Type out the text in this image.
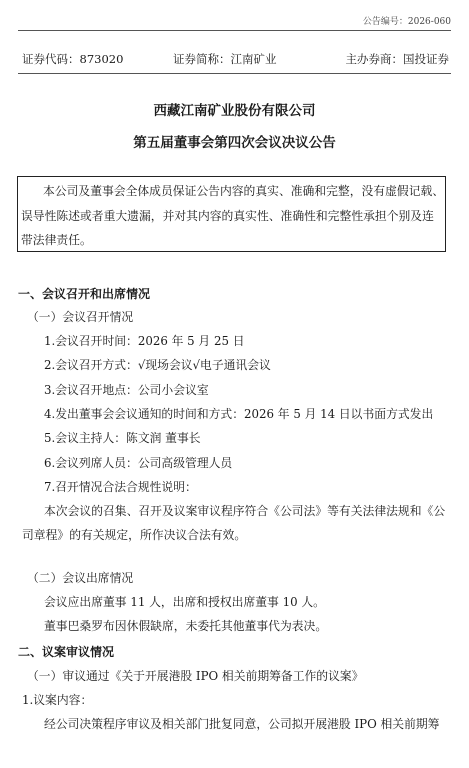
公告编号：2026-060
证券代码：873020	证券简称：江南矿业	主办券商：国投证券
西藏江南矿业股份有限公司
第五届董事会第四次会议决议公告
本公司及董事会全体成员保证公告内容的真实、准确和完整，没有虚假记载、
误导性陈述或者重大遗漏，并对其内容的真实性、准确性和完整性承担个别及连
带法律责任。
一、会议召开和出席情况
（一）会议召开情况
1.会议召开时间：2026 年 5 月 25 日
2.会议召开方式：√现场会议√电子通讯会议
3.会议召开地点：公司小会议室
4.发出董事会会议通知的时间和方式：2026 年 5 月 14 日以书面方式发出
5.会议主持人：陈文润 董事长
6.会议列席人员：公司高级管理人员
7.召开情况合法合规性说明：
本次会议的召集、召开及议案审议程序符合《公司法》等有关法律法规和《公
司章程》的有关规定，所作决议合法有效。
（二）会议出席情况
会议应出席董事 11 人，出席和授权出席董事 10 人。
董事巴桑罗布因休假缺席，未委托其他董事代为表决。
二、议案审议情况
（一）审议通过《关于开展港股 IPO 相关前期筹备工作的议案》
1.议案内容：
经公司决策程序审议及相关部门批复同意，公司拟开展港股 IPO 相关前期筹
